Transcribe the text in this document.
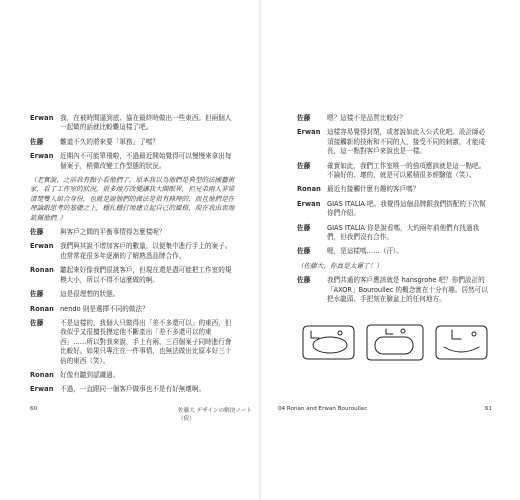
Erwan 我，在被時間逼到底、協在最終時做出一些東西。但兩個人一起做的話就比較難這樣了吧。
佐藤	難道不久的將來要「軍務」了嗎？
Erwan 近期內不可能單飛啦，不過最近開始覺得可以慢慢來拿出每個案子，稍微改變工作型態的狀況。
（老實說，之前我有點小看他們了，原本我以為他們是典型的法國藝術家，看了工作室的狀況，很多地方改變讓我大開眼界，但兄弟兩人非常清楚雙人組合身份，也就是說他們的做法是很有條理的，而且他們是在理論跟思考的基礎之上，穩扎穩打地建立起自己的風格，現在我由衷地欽佩他們。）
佐藤	與客戶之間的平衡事情得怎麼樣呢？
Erwan 我們與其說不增加客戶的數量，以便集中進行手上的案子。也常常花很多年逐漸的了解熟悉品牌合作。
Ronan 聽起來好像我們很挑客戶，但現在還是盡可能把工作室的規模大小，所以不得不這麼做的啊。
佐藤	這是很理想的狀態。
Ronan nendo 則是選擇不同的做法？
佐藤	不是這樣的，我個人只做得出「差不多還可以」的東西，但我似乎又很擅長摸定他不斷產出「差不多還可以的東西」……所以對我來說，手上有兩、三百個案子同時進行會比較好。如果只專注在一件事情，也無法做出比原本好三十倍的東西（笑）。
Ronan 好像有聽到認識過。
Erwan 不過，一直跟同一個客戶做事也不是有好無壞啊。
60	佐藤大 デザインの解決ノート（仮）
04 Ronan and Erwan Bouroullec	61
佐藤	嗯？這樣不是品質比較好？
Erwan 這樣容易覺得封閉，或者說如此入公式化吧。設計師必須接觸新的技術和不同的人，接受不同的刺激，才能成長，這一點對客戶來說也是一樣。
佐藤	確實如此，我們工作室唯一的強項應該就是這一點吧。不論好的、壞的，就是可以累積很多經驗值（笑）。
Ronan 最近有接觸什麼有趣的客戶嗎？
Erwan GIAS ITALIA 吧。我覺得這個品牌跟我們搭配的下次幫你們介紹。
佐藤	GIAS ITALIA 你是說看嗎，大約兩年前他們有找過我們，但我們沒有合作。
佐藤	喔，是這樣嗎……（汗）。
（佐藤大，你真是太遲了！）
佐藤	我們共通的客戶應該就是 hansgrohe 吧？你們設計的「AXOR」Bouroullec 的概念實在十分有趣。居然可以把水龍頭、手把刻在臉盆上的任何地方。
